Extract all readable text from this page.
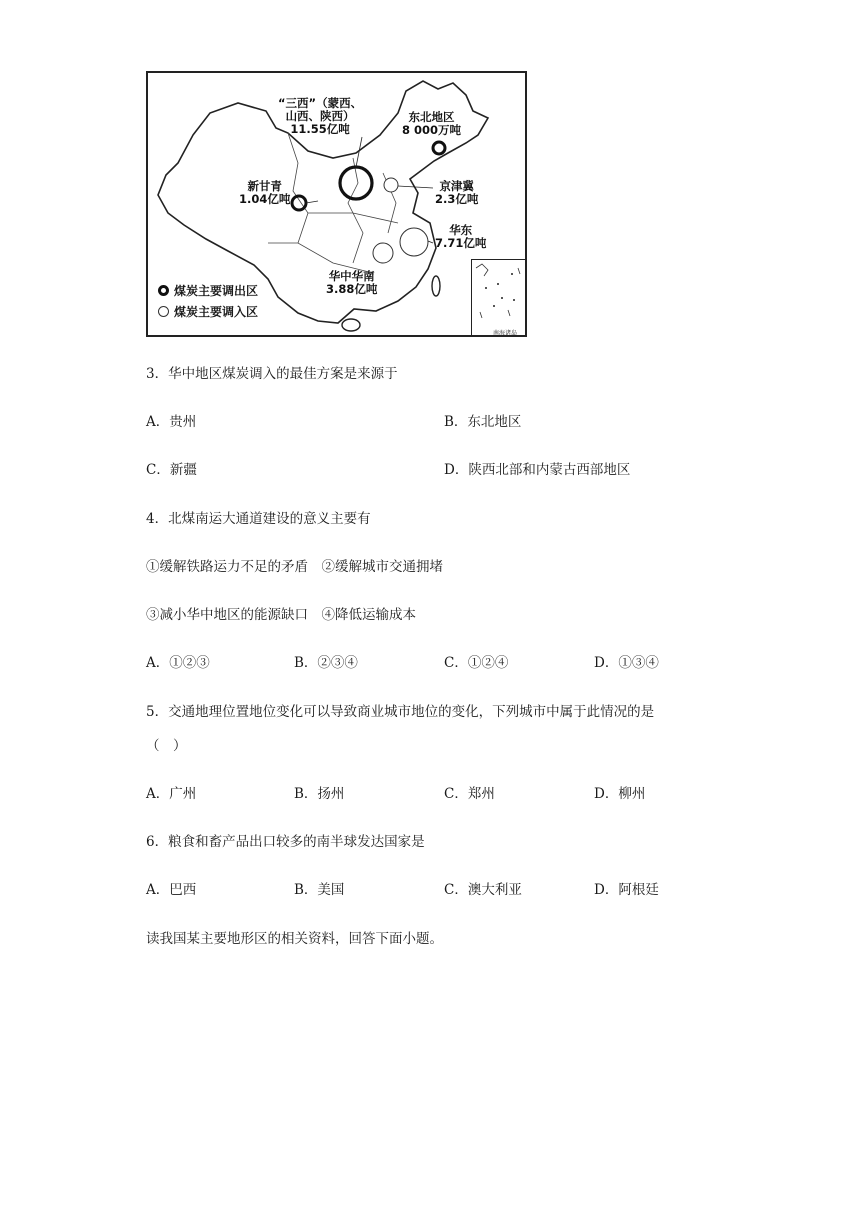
“三西”（蒙西、
山西、陕西）
11.55亿吨
东北地区
8 000万吨
新甘青
1.04亿吨
京津冀
2.3亿吨
华东
7.71亿吨
华中华南
3.88亿吨
煤炭主要调出区
煤炭主要调入区
南海诸岛
3．华中地区煤炭调入的最佳方案是来源于
A．贵州	B．东北地区
C．新疆	D．陕西北部和内蒙古西部地区
4．北煤南运大通道建设的意义主要有
①缓解铁路运力不足的矛盾　②缓解城市交通拥堵
③减小华中地区的能源缺口　④降低运输成本
A．①②③	B．②③④	C．①②④	D．①③④
5．交通地理位置地位变化可以导致商业城市地位的变化，下列城市中属于此情况的是
（　）
A．广州	B．扬州	C．郑州	D．柳州
6．粮食和畜产品出口较多的南半球发达国家是
A．巴西	B．美国	C．澳大利亚	D．阿根廷
读我国某主要地形区的相关资料，回答下面小题。
